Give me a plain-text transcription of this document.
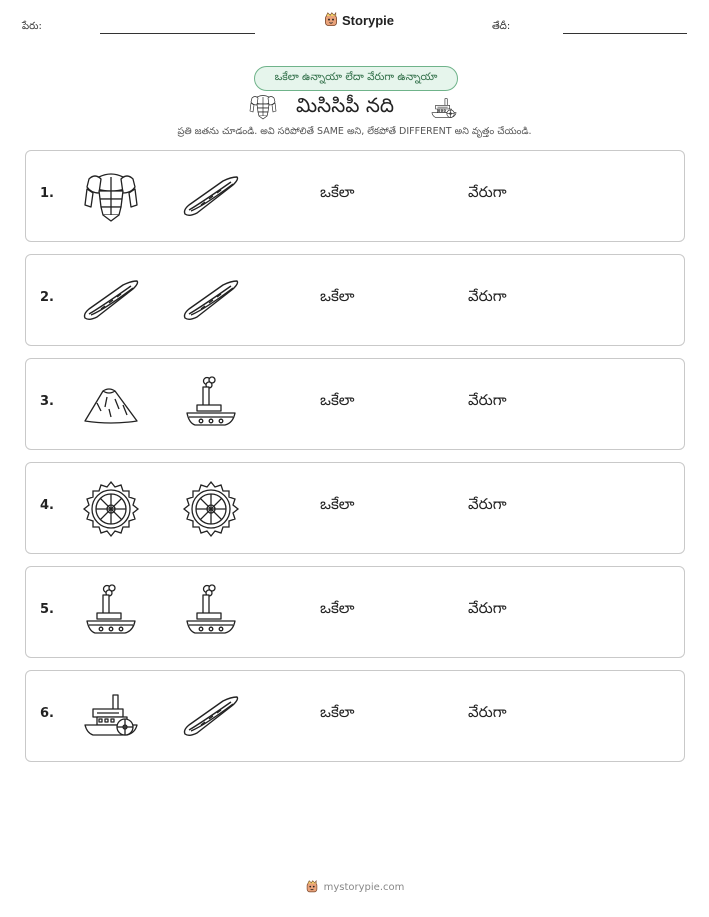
పేరు:	Storypie	తేదీ:
ఒకేలా ఉన్నాయా లేదా వేరుగా ఉన్నాయా
మిసిసిపీ నది
ప్రతి జతను చూడండి. అవి సరిపోలితే SAME అని, లేకపోతే DIFFERENT అని వృత్తం చేయండి.
1.	ఒకేలా	వేరుగా
2.	ఒకేలా	వేరుగా
3.	ఒకేలా	వేరుగా
4.	ఒకేలా	వేరుగా
5.	ఒకేలా	వేరుగా
6.	ఒకేలా	వేరుగా
mystorypie.com
